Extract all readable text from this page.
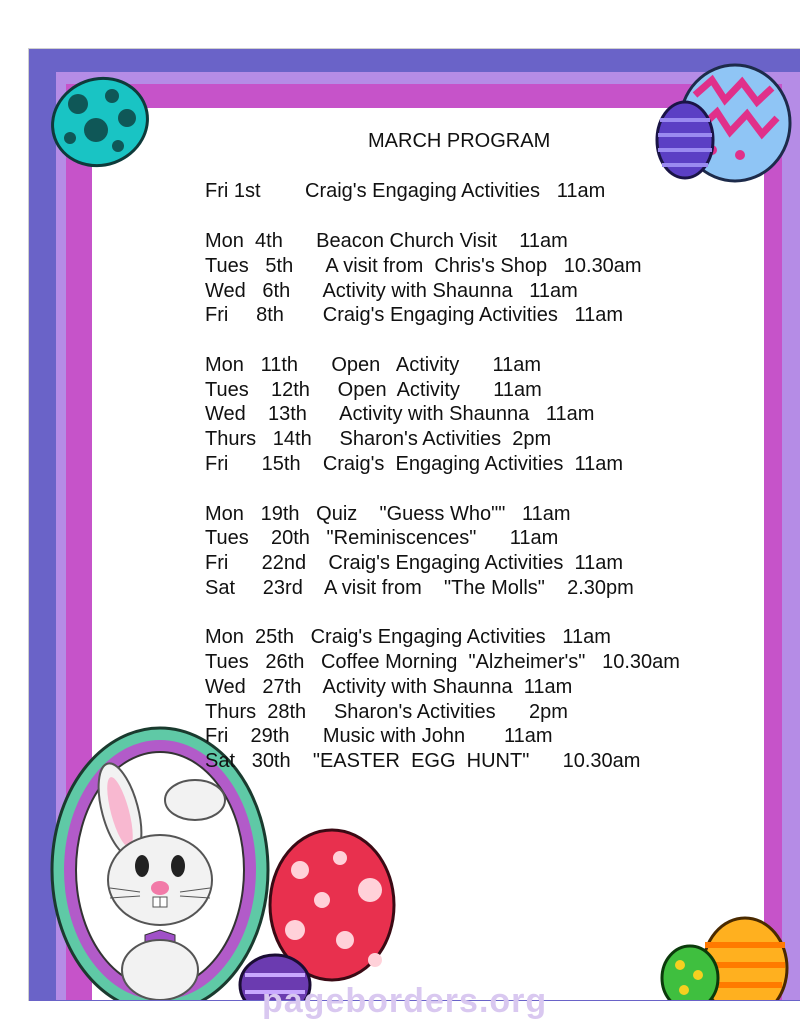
MARCH PROGRAM
Fri 1st        Craig's Engaging Activities   11am
Mon  4th      Beacon Church Visit    11am
Tues   5th      A visit from  Chris's Shop   10.30am
Wed   6th      Activity with Shaunna   11am
Fri     8th       Craig's Engaging Activities   11am
Mon   11th      Open   Activity      11am
Tues    12th     Open  Activity      11am
Wed    13th      Activity with Shaunna   11am
Thurs   14th     Sharon's Activities  2pm
Fri      15th    Craig's  Engaging Activities  11am
Mon   19th   Quiz    "Guess Who""   11am
Tues    20th   "Reminiscences"      11am
Fri      22nd    Craig's Engaging Activities  11am
Sat     23rd    A visit from    "The Molls"    2.30pm
Mon  25th   Craig's Engaging Activities   11am
Tues   26th   Coffee Morning  "Alzheimer's"   10.30am
Wed   27th    Activity with Shaunna  11am
Thurs  28th     Sharon's Activities      2pm
Fri    29th      Music with John       11am
Sat   30th    "EASTER  EGG  HUNT"      10.30am
pageborders.org
